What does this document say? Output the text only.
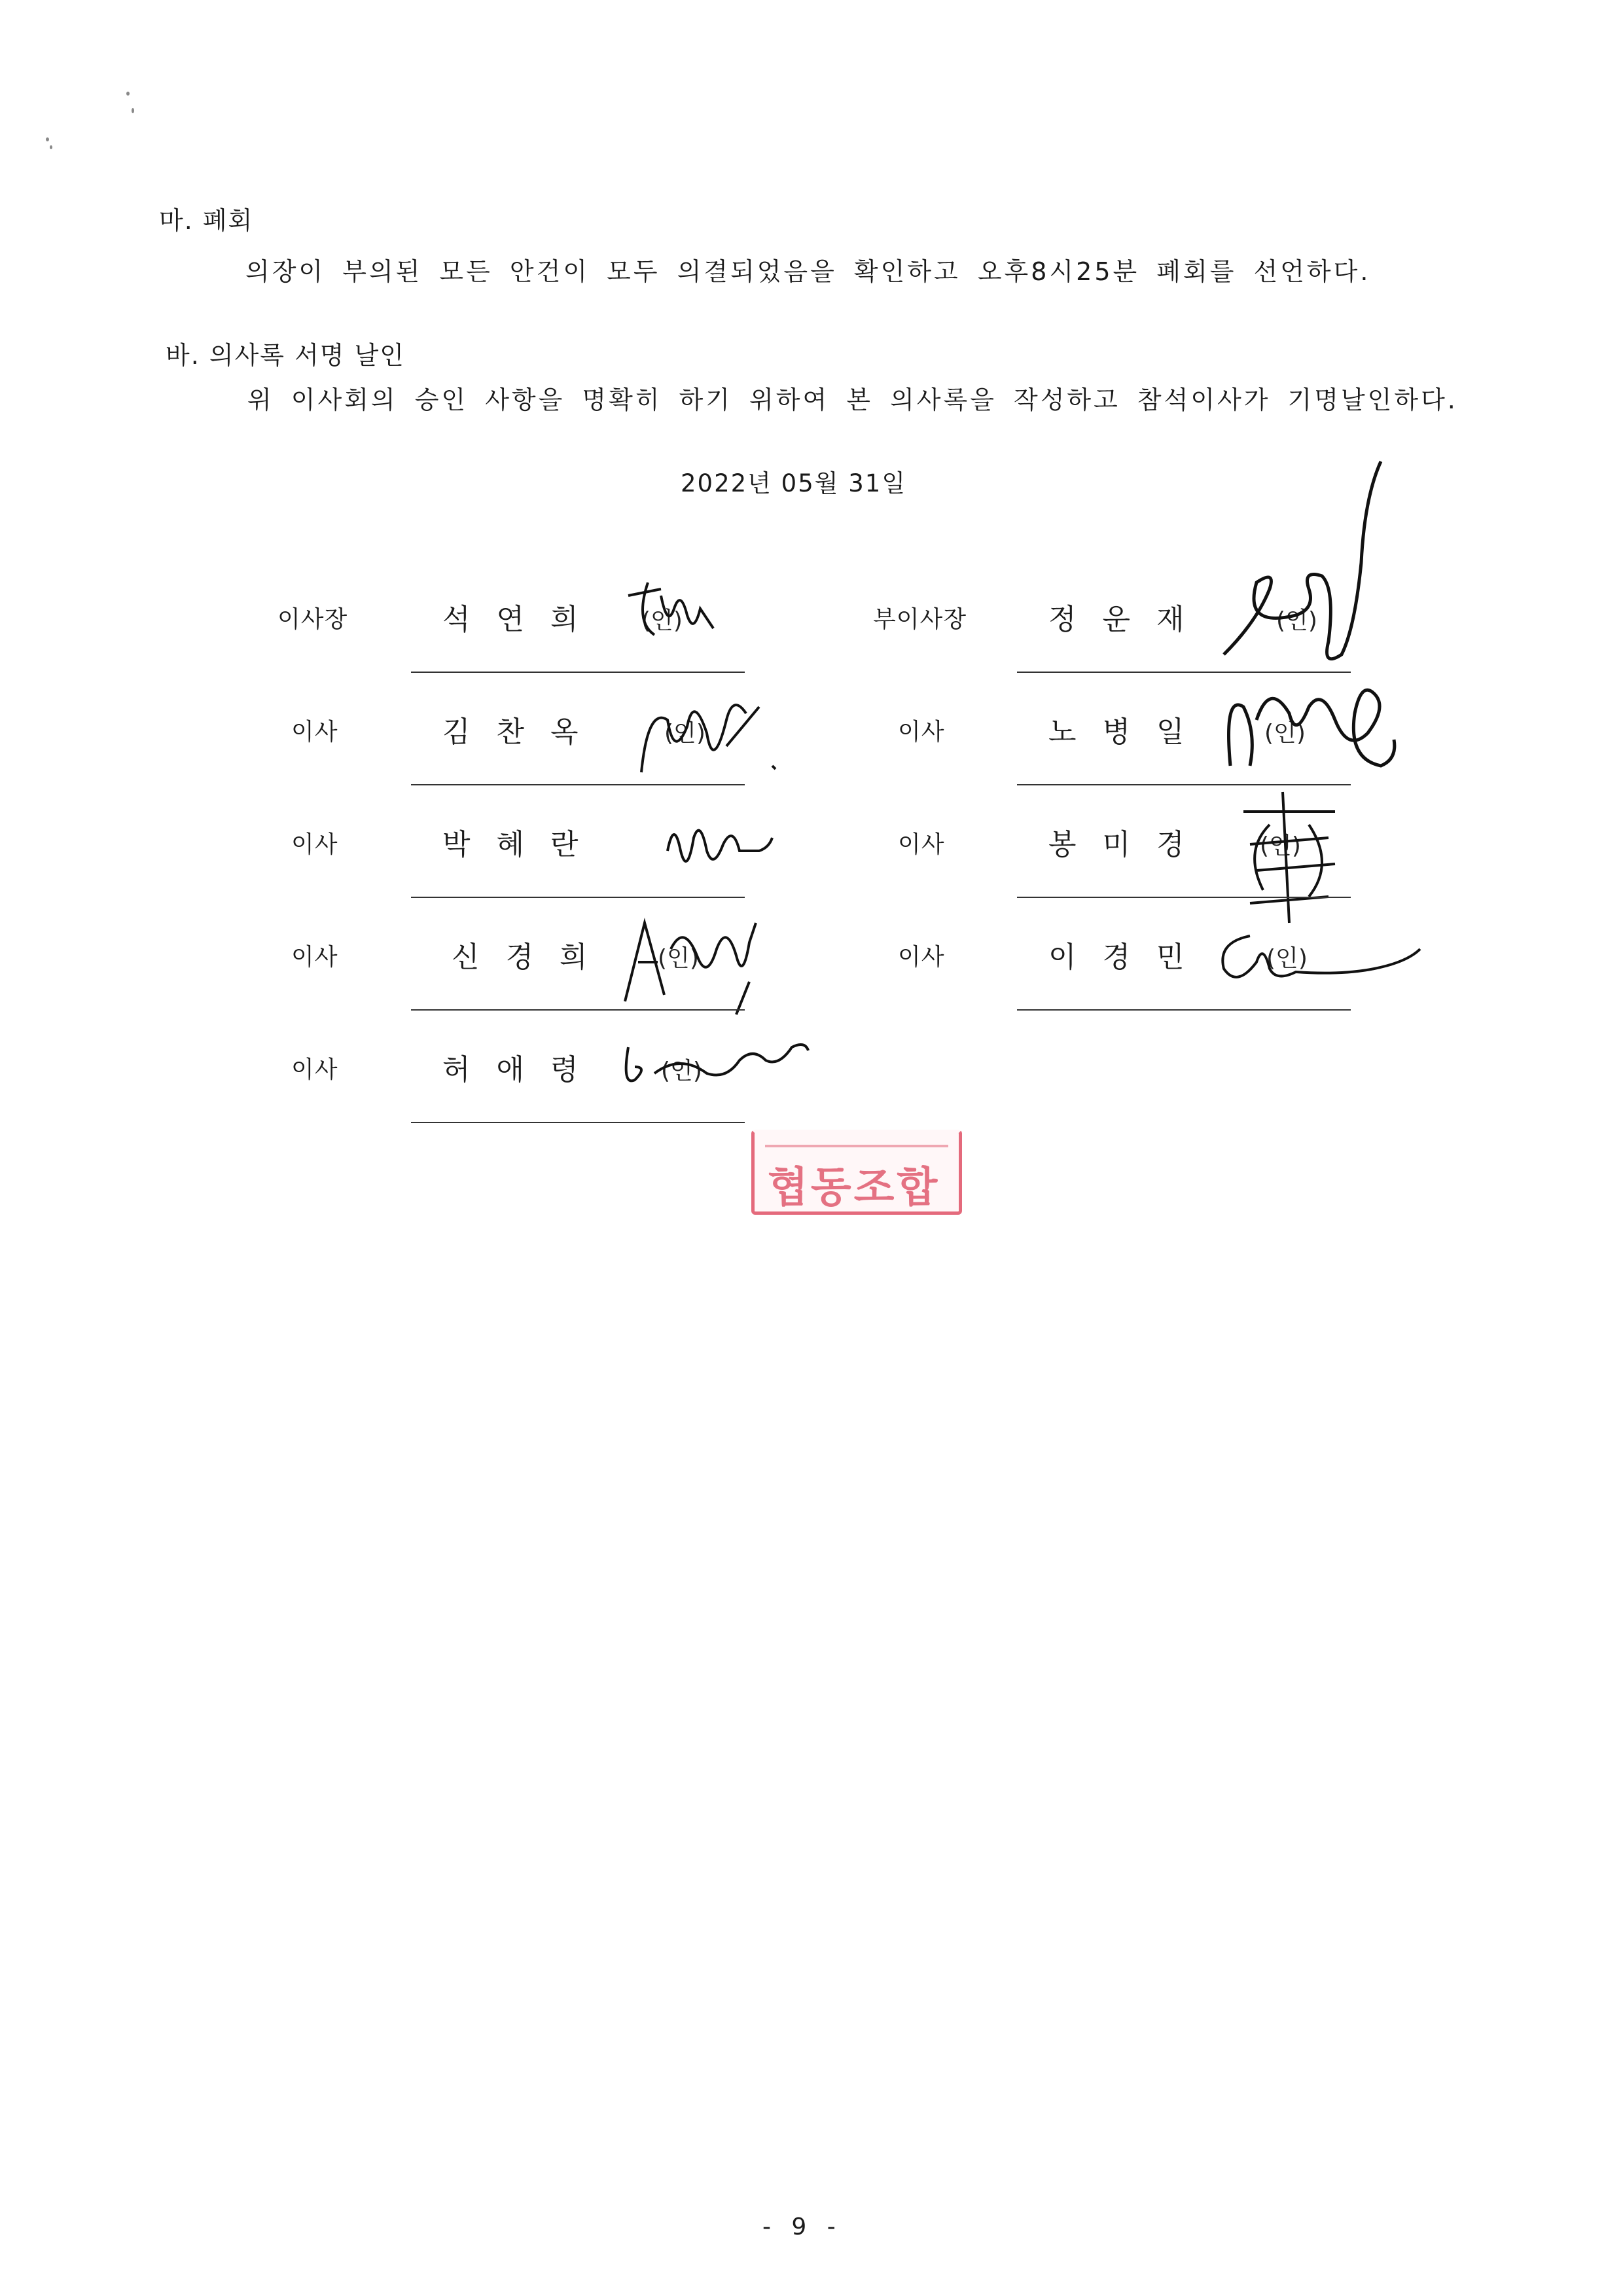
마. 폐회
의장이 부의된 모든 안건이 모두 의결되었음을 확인하고 오후8시25분 폐회를 선언하다.
바. 의사록 서명 날인
위 이사회의 승인 사항을 명확히 하기 위하여 본 의사록을 작성하고 참석이사가 기명날인하다.
2022년 05월 31일
이사장	석연희 (인)
이사	김찬옥	(인)
이사	박혜란
이사	신경희 (인)
이사	허애령 (인)
부이사장	정운재	(인)
이사	노병일 (인)
이사	봉미경 (인)
이사	이경민 (인)
협동조합
- 9 -
